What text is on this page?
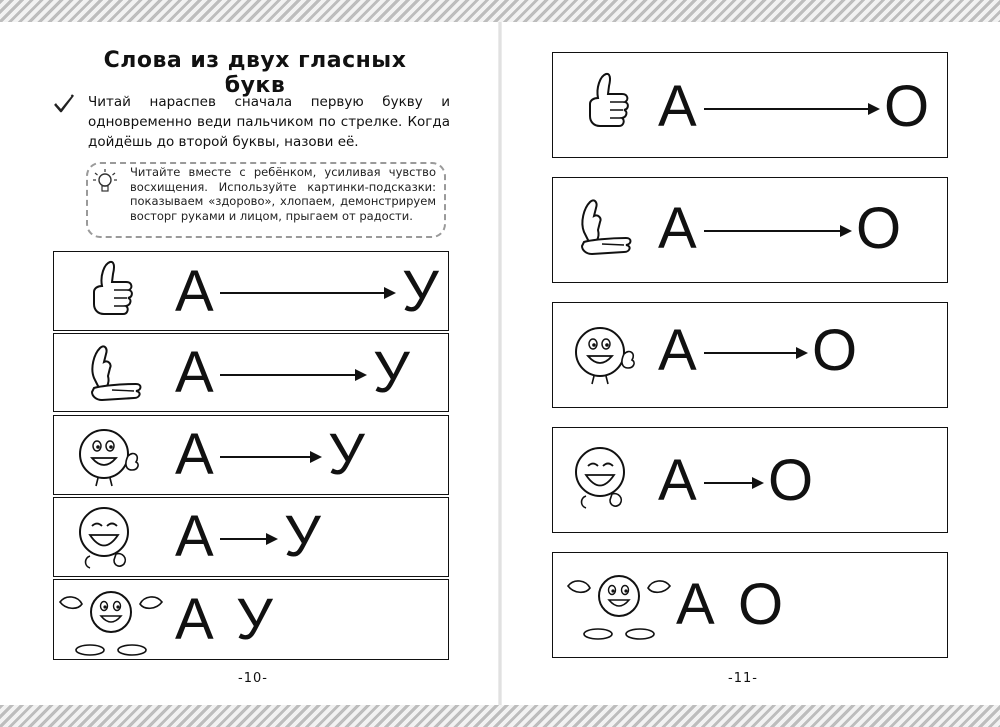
Слова из двух гласных букв
Читай нараспев сначала первую букву и одновременно веди пальчиком по стрелке. Когда дойдёшь до второй буквы, назови её.
Читайте вместе с ребёнком, усиливая чувство восхищения. Используйте картинки-подсказки: показываем «здорово», хлопаем, демонстрируем восторг руками и лицом, прыгаем от радости.
А	У
А	У
А У
А У
А У
-10-
А	О
А	О
А О
А О
А О
-11-
